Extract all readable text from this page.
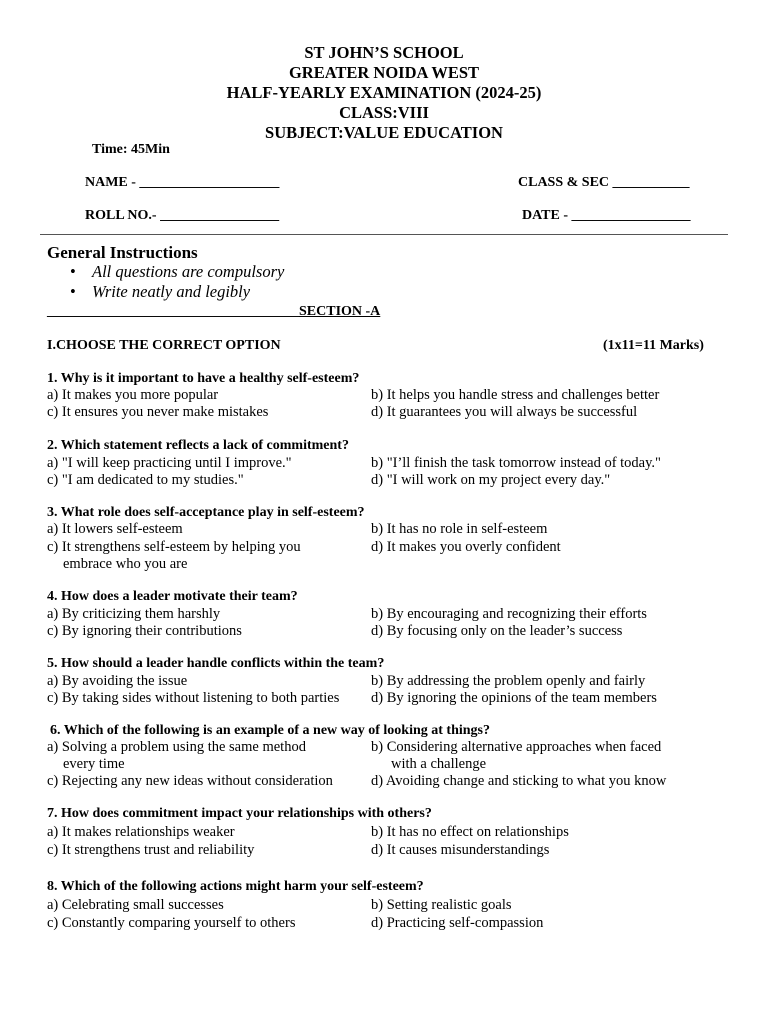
ST JOHN’S SCHOOL
GREATER NOIDA WEST
HALF-YEARLY EXAMINATION (2024-25)
CLASS:VIII
SUBJECT:VALUE EDUCATION
Time: 45Min
NAME - ____________________	CLASS & SEC ___________
ROLL NO.- _________________	DATE - _________________
General Instructions
• All questions are compulsory
• Write neatly and legibly
____________________________________SECTION -A
I.CHOOSE THE CORRECT OPTION	(1x11=11 Marks)
1. Why is it important to have a healthy self-esteem?
a) It makes you more popular	b) It helps you handle stress and challenges better
c) It ensures you never make mistakes	d) It guarantees you will always be successful
2. Which statement reflects a lack of commitment?
a) "I will keep practicing until I improve."	b) "I’ll finish the task tomorrow instead of today."
c) "I am dedicated to my studies."	d) "I will work on my project every day."
3. What role does self-acceptance play in self-esteem?
a) It lowers self-esteem	b) It has no role in self-esteem
c) It strengthens self-esteem by helping you
embrace who you are
d) It makes you overly confident
4. How does a leader motivate their team?
a) By criticizing them harshly	b) By encouraging and recognizing their efforts
c) By ignoring their contributions	d) By focusing only on the leader’s success
5. How should a leader handle conflicts within the team?
a) By avoiding the issue	b) By addressing the problem openly and fairly
c) By taking sides without listening to both parties d) By ignoring the opinions of the team members
6. Which of the following is an example of a new way of looking at things?
a) Solving a problem using the same method
every time
b) Considering alternative approaches when faced
with a challenge
c) Rejecting any new ideas without consideration	d) Avoiding change and sticking to what you know
7. How does commitment impact your relationships with others?
a) It makes relationships weaker	b) It has no effect on relationships
c) It strengthens trust and reliability	d) It causes misunderstandings
8. Which of the following actions might harm your self-esteem?
a) Celebrating small successes	b) Setting realistic goals
c) Constantly comparing yourself to others	d) Practicing self-compassion
